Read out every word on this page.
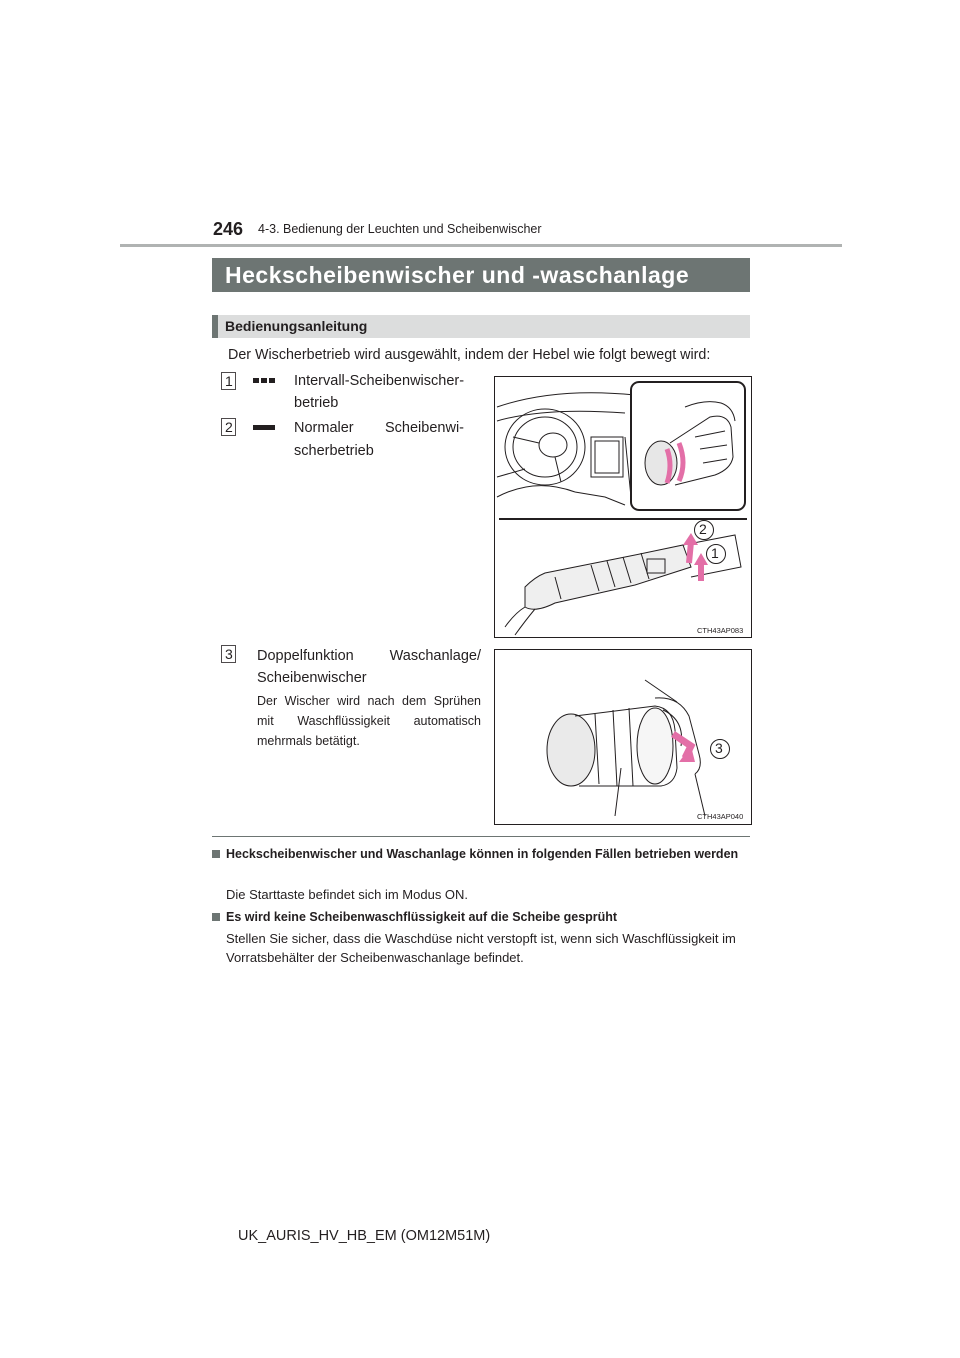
246 4-3. Bedienung der Leuchten und Scheibenwischer
Heckscheibenwischer und -waschanlage
Bedienungsanleitung
Der Wischerbetrieb wird ausgewählt, indem der Hebel wie folgt bewegt wird:
1	Intervall-Scheibenwischer-
betrieb
2	Normaler Scheibenwi-
scherbetrieb
2
1
CTH43AP083
3 Doppelfunktion Waschanlage/
Scheibenwischer
Der Wischer wird nach dem Sprühen mit Waschflüssigkeit automatisch mehrmals betätigt.	3
CTH43AP040
Heckscheibenwischer und Waschanlage können in folgenden Fällen betrieben werden
Die Starttaste befindet sich im Modus ON.
Es wird keine Scheibenwaschflüssigkeit auf die Scheibe gesprüht
Stellen Sie sicher, dass die Waschdüse nicht verstopft ist, wenn sich Waschflüssigkeit im Vorratsbehälter der Scheibenwaschanlage befindet.
UK_AURIS_HV_HB_EM (OM12M51M)
